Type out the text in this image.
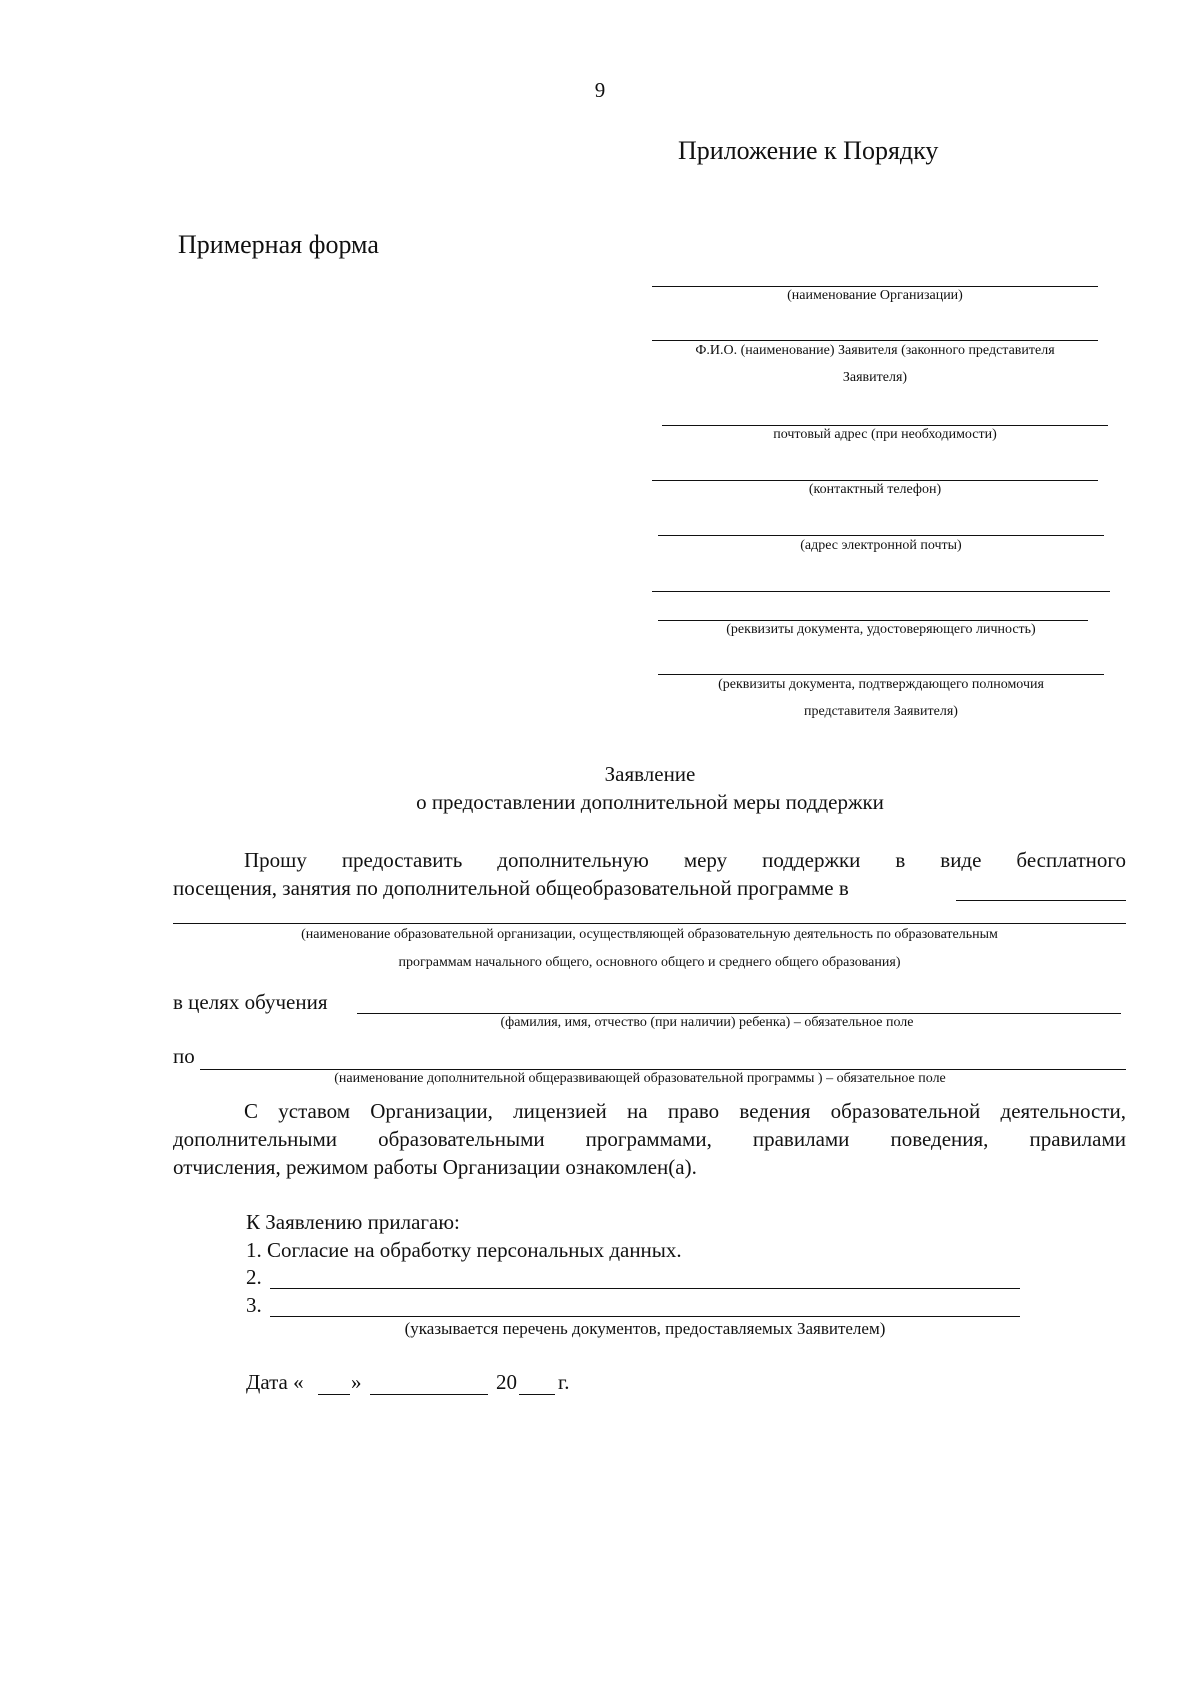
9
Приложение к Порядку
Примерная форма
(наименование Организации)
Ф.И.О. (наименование) Заявителя (законного представителя
Заявителя)
почтовый адрес (при необходимости)
(контактный телефон)
(адрес электронной почты)
(реквизиты документа, удостоверяющего личность)
(реквизиты документа, подтверждающего полномочия
представителя Заявителя)
Заявление
о предоставлении дополнительной меры поддержки
Прошу предоставить дополнительную меру поддержки в виде бесплатного
посещения, занятия по дополнительной общеобразовательной программе в
(наименование образовательной организации, осуществляющей образовательную деятельность по образовательным
программам начального общего, основного общего и среднего общего образования)
в целях обучения
(фамилия, имя, отчество (при наличии) ребенка) – обязательное поле
по
(наименование дополнительной общеразвивающей образовательной программы ) – обязательное поле
С уставом Организации, лицензией на право ведения образовательной деятельности,
дополнительными образовательными программами, правилами поведения, правилами
отчисления, режимом работы Организации ознакомлен(а).
К Заявлению прилагаю:
1. Согласие на обработку персональных данных.
2.
3.
(указывается перечень документов, предоставляемых Заявителем)
Дата « »	20 г.
